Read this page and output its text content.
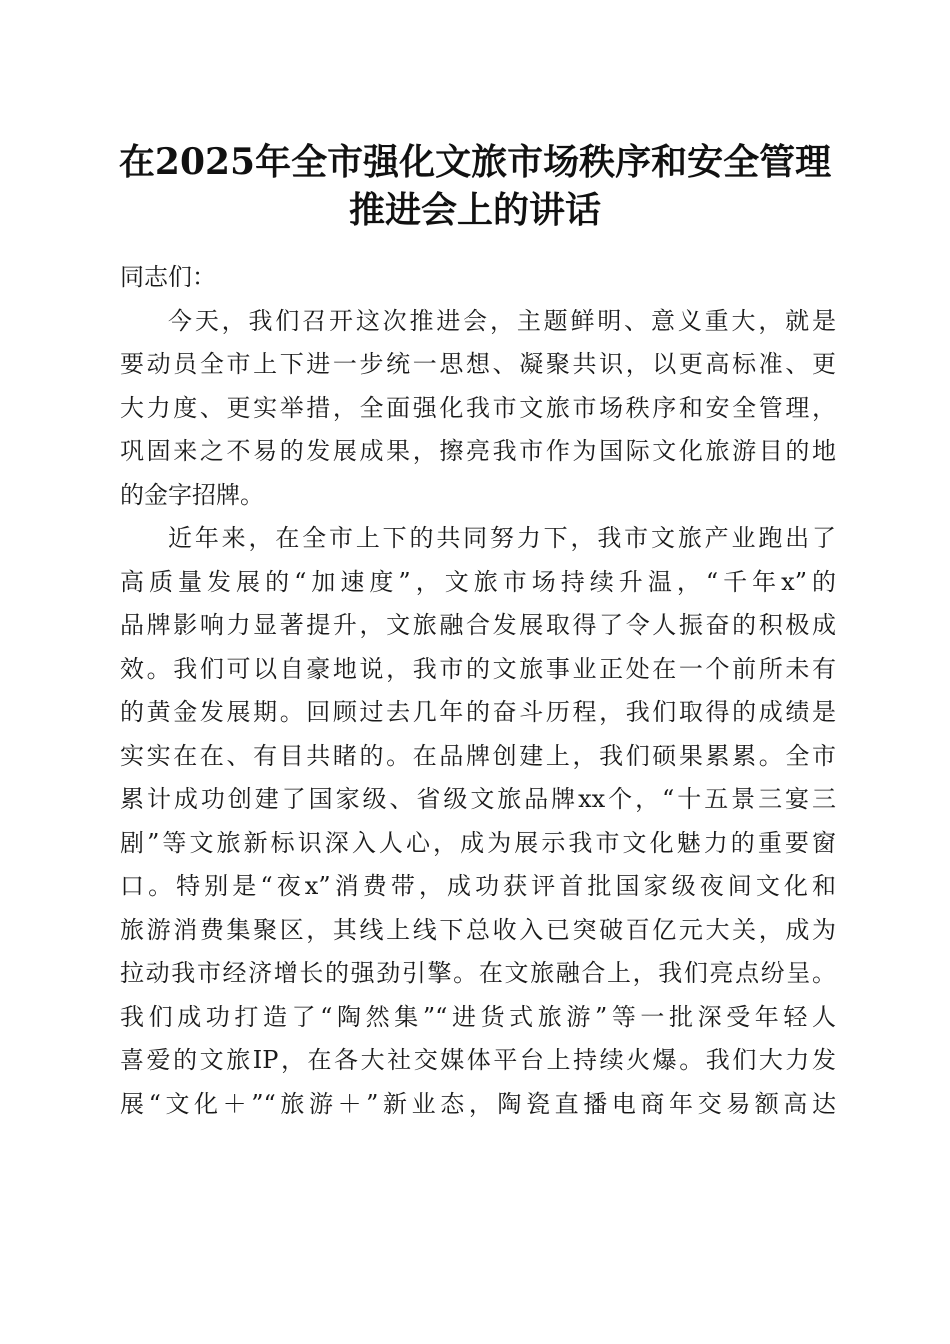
在2025年全市强化文旅市场秩序和安全管理
推进会上的讲话
同志们：
今天，我们召开这次推进会，主题鲜明、意义重大，就是
要动员全市上下进一步统一思想、凝聚共识，以更高标准、更
大力度、更实举措，全面强化我市文旅市场秩序和安全管理，
巩固来之不易的发展成果，擦亮我市作为国际文化旅游目的地
的金字招牌。
近年来，在全市上下的共同努力下，我市文旅产业跑出了
高质量发展的“加速度”，文旅市场持续升温，“千年x”的
品牌影响力显著提升，文旅融合发展取得了令人振奋的积极成
效。我们可以自豪地说，我市的文旅事业正处在一个前所未有
的黄金发展期。回顾过去几年的奋斗历程，我们取得的成绩是
实实在在、有目共睹的。在品牌创建上，我们硕果累累。全市
累计成功创建了国家级、省级文旅品牌xx个，“十五景三宴三
剧”等文旅新标识深入人心，成为展示我市文化魅力的重要窗
口。特别是“夜x”消费带，成功获评首批国家级夜间文化和
旅游消费集聚区，其线上线下总收入已突破百亿元大关，成为
拉动我市经济增长的强劲引擎。在文旅融合上，我们亮点纷呈。
我们成功打造了“陶然集”“进货式旅游”等一批深受年轻人
喜爱的文旅IP，在各大社交媒体平台上持续火爆。我们大力发
展“文化＋”“旅游＋”新业态，陶瓷直播电商年交易额高达
